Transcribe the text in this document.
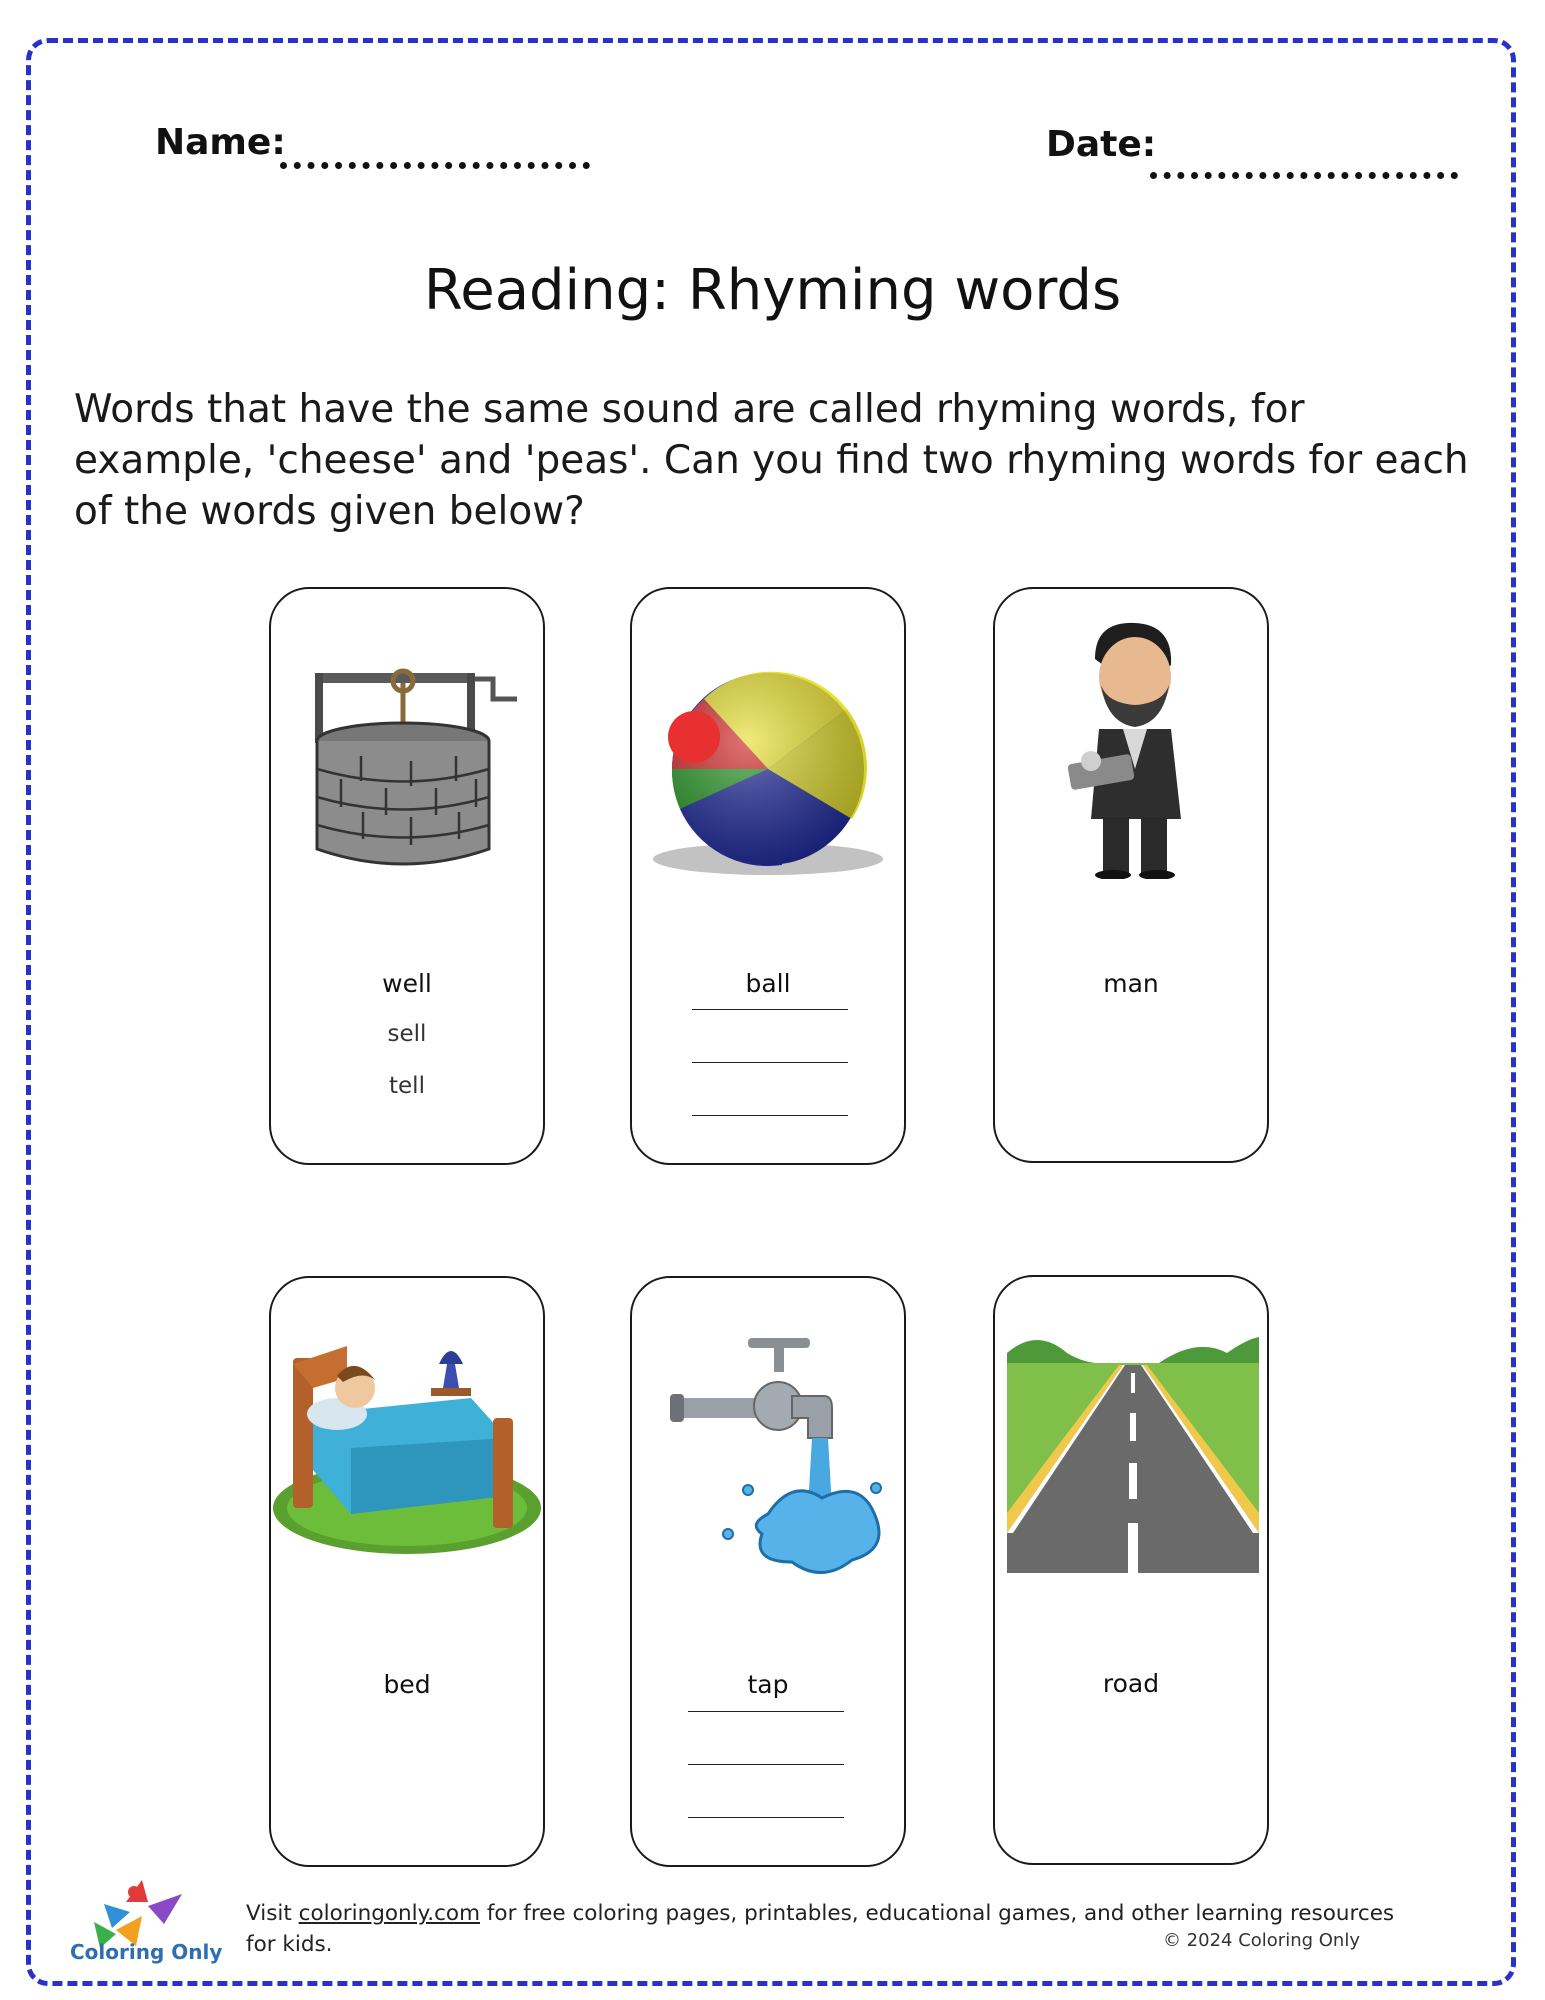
Name:	Date:
Reading: Rhyming words
Words that have the same sound are called rhyming words, for example, 'cheese' and 'peas'. Can you find two rhyming words for each of the words given below?
well
sell
tell
ball	man
bed	tap	road
Coloring Only
Visit coloringonly.com for free coloring pages, printables, educational games, and other learning resources for kids.	© 2024 Coloring Only
